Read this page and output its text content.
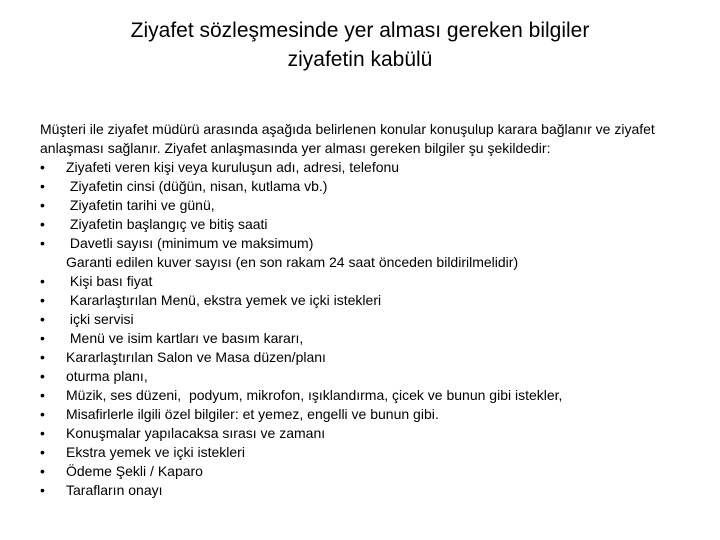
Ziyafet sözleşmesinde yer alması gereken bilgiler
ziyafetin kabülü

Müşteri ile ziyafet müdürü arasında aşağıda belirlenen konular konuşulup karara bağlanır ve ziyafet anlaşması sağlanır. Ziyafet anlaşmasında yer alması gereken bilgiler şu şekildedir:

•	Ziyafeti veren kişi veya kuruluşun adı, adresi, telefonu
•	Ziyafetin cinsi (düğün, nisan, kutlama vb.)
•	Ziyafetin tarihi ve günü,
•	Ziyafetin başlangıç ve bitiş saati
•	Davetli sayısı (minimum ve maksimum)
Garanti edilen kuver sayısı (en son rakam 24 saat önceden bildirilmelidir)
•	Kişi bası fiyat
•	Kararlaştırılan Menü, ekstra yemek ve içki istekleri
•	içki servisi
•	Menü ve isim kartları ve basım kararı,
•	Kararlaştırılan Salon ve Masa düzen/planı
•	oturma planı,
•	Müzik, ses düzeni,  podyum, mikrofon, ışıklandırma, çicek ve bunun gibi istekler,
•	Misafirlerle ilgili özel bilgiler: et yemez, engelli ve bunun gibi.
•	Konuşmalar yapılacaksa sırası ve zamanı
•	Ekstra yemek ve içki istekleri
•	Ödeme Şekli / Kaparo
•	Tarafların onayı
